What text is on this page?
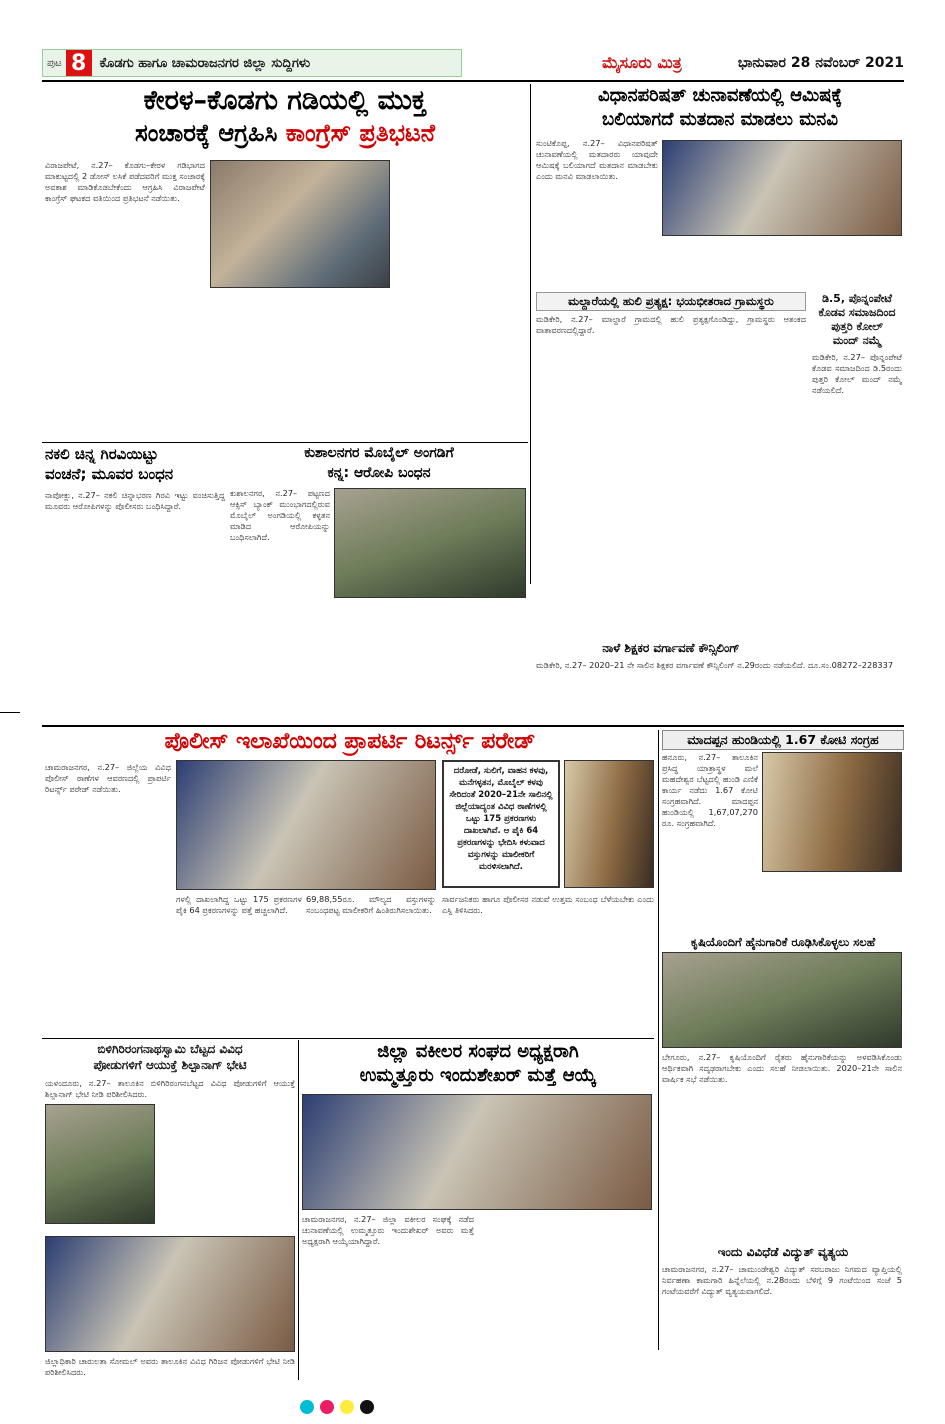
ಪುಟ 8	ಕೊಡಗು ಹಾಗೂ ಚಾಮರಾಜನಗರ ಜಿಲ್ಲಾ ಸುದ್ದಿಗಳು	ಮೈಸೂರು ಮಿತ್ರ	ಭಾನುವಾರ 28 ನವೆಂಬರ್ 2021
ಕೇರಳ–ಕೊಡಗು ಗಡಿಯಲ್ಲಿ ಮುಕ್ತ
ಸಂಚಾರಕ್ಕೆ ಆಗ್ರಹಿಸಿ ಕಾಂಗ್ರೆಸ್ ಪ್ರತಿಭಟನೆ
ವಿರಾಜಪೇಟೆ, ನ.27– ಕೊಡಗು–ಕೇರಳ ಗಡಿಭಾಗದ ಮಾಕುಟ್ಟದಲ್ಲಿ 2 ಡೋಸ್ ಲಸಿಕೆ ಪಡೆದವರಿಗೆ ಮುಕ್ತ ಸಂಚಾರಕ್ಕೆ ಅವಕಾಶ ಮಾಡಿಕೊಡಬೇಕೆಂದು ಆಗ್ರಹಿಸಿ ವಿರಾಜಪೇಟೆ ಕಾಂಗ್ರೆಸ್ ಘಟಕದ ವತಿಯಿಂದ ಪ್ರತಿಭಟನೆ ನಡೆಯಿತು.
ವಿಧಾನಪರಿಷತ್ ಚುನಾವಣೆಯಲ್ಲಿ ಆಮಿಷಕ್ಕೆ
ಬಲಿಯಾಗದೆ ಮತದಾನ ಮಾಡಲು ಮನವಿ
ಸುಂಟಿಕೊಪ್ಪ, ನ.27– ವಿಧಾನಪರಿಷತ್ ಚುನಾವಣೆಯಲ್ಲಿ ಮತದಾರರು ಯಾವುದೇ ಆಮಿಷಕ್ಕೆ ಬಲಿಯಾಗದೆ ಮತದಾನ ಮಾಡಬೇಕು ಎಂದು ಮನವಿ ಮಾಡಲಾಯಿತು.
ಮಲ್ದಾರೆಯಲ್ಲಿ ಹುಲಿ ಪ್ರತ್ಯಕ್ಷ: ಭಯಭೀತರಾದ ಗ್ರಾಮಸ್ಥರು
ಮಡಿಕೇರಿ, ನ.27– ಮಾಲ್ದಾರೆ ಗ್ರಾಮದಲ್ಲಿ ಹುಲಿ ಪ್ರತ್ಯಕ್ಷಗೊಂಡಿದ್ದು, ಗ್ರಾಮಸ್ಥರು ಆತಂಕದ ವಾತಾವರಣದಲ್ಲಿದ್ದಾರೆ.
ಡಿ.5, ಪೊನ್ನಂಪೇಟೆ
ಕೊಡವ ಸಮಾಜದಿಂದ
ಪುತ್ತರಿ ಕೋಲ್
ಮಂದ್ ನಮ್ಮೆ
ಮಡಿಕೇರಿ, ನ.27– ಪೊನ್ನಂಪೇಟೆ ಕೊಡವ ಸಮಾಜದಿಂದ ಡಿ.5ರಂದು ಪುತ್ತರಿ ಕೋಲ್ ಮಂದ್ ನಮ್ಮೆ ನಡೆಯಲಿದೆ.
ನಕಲಿ ಚಿನ್ನ ಗಿರವಿಯಿಟ್ಟು
ವಂಚನೆ; ಮೂವರ ಬಂಧನ
ನಾಪೋಕ್ಲು, ನ.27– ನಕಲಿ ಚಿನ್ನಾಭರಣ ಗಿರವಿ ಇಟ್ಟು ವಂಚಿಸುತ್ತಿದ್ದ ಮೂವರು ಆರೋಪಿಗಳನ್ನು ಪೊಲೀಸರು ಬಂಧಿಸಿದ್ದಾರೆ.
ಕುಶಾಲನಗರ ಮೊಬೈಲ್ ಅಂಗಡಿಗೆ
ಕನ್ನ: ಆರೋಪಿ ಬಂಧನ
ಕುಶಾಲನಗರ, ನ.27– ಪಟ್ಟಣದ ಆಕ್ಸಿಸ್ ಬ್ಯಾಂಕ್ ಮುಂಭಾಗದಲ್ಲಿರುವ ಮೊಬೈಲ್ ಅಂಗಡಿಯಲ್ಲಿ ಕಳ್ಳತನ ಮಾಡಿದ ಆರೋಪಿಯನ್ನು ಬಂಧಿಸಲಾಗಿದೆ.
ನಾಳೆ ಶಿಕ್ಷಕರ ವರ್ಗಾವಣೆ ಕೌನ್ಸಿಲಿಂಗ್
ಮಡಿಕೇರಿ, ನ.27– 2020–21 ನೇ ಸಾಲಿನ ಶಿಕ್ಷಕರ ವರ್ಗಾವಣೆ ಕೌನ್ಸಿಲಿಂಗ್ ನ.29ರಂದು ನಡೆಯಲಿದೆ. ದೂ.ಸಂ.08272–228337
ಪೊಲೀಸ್ ಇಲಾಖೆಯಿಂದ ಪ್ರಾಪರ್ಟಿ ರಿಟರ್ನ್ಸ್ ಪರೇಡ್
ಚಾಮರಾಜನಗರ, ನ.27– ಜಿಲ್ಲೆಯ ವಿವಿಧ ಪೊಲೀಸ್ ಠಾಣೆಗಳ ಆವರಣದಲ್ಲಿ ಪ್ರಾಪರ್ಟಿ ರಿಟರ್ನ್ಸ್ ಪರೇಡ್ ನಡೆಯಿತು.
ಗಳಲ್ಲಿ ದಾಖಲಾಗಿದ್ದ ಒಟ್ಟು 175 ಪ್ರಕರಣಗಳ ಪೈಕಿ 64 ಪ್ರಕರಣಗಳನ್ನು ಪತ್ತೆ ಹಚ್ಚಲಾಗಿದೆ.
69,88,55ರೂ. ಮೌಲ್ಯದ ವಸ್ತುಗಳನ್ನು ಸಂಬಂಧಪಟ್ಟ ಮಾಲೀಕರಿಗೆ ಹಿಂತಿರುಗಿಸಲಾಯಿತು.
ದರೋಡೆ, ಸುಲಿಗೆ, ವಾಹನ ಕಳವು, ಮನೆಗಳ್ಳತನ, ಮೊಬೈಲ್ ಕಳವು ಸೇರಿದಂತೆ 2020–21ನೇ ಸಾಲಿನಲ್ಲಿ ಜಿಲ್ಲೆಯಾದ್ಯಂತ ವಿವಿಧ ಠಾಣೆಗಳಲ್ಲಿ ಒಟ್ಟು 175 ಪ್ರಕರಣಗಳು ದಾಖಲಾಗಿವೆ. ಆ ಪೈಕಿ 64 ಪ್ರಕರಣಗಳನ್ನು ಭೇದಿಸಿ ಕಳುವಾದ ವಸ್ತುಗಳನ್ನು ಮಾಲೀಕರಿಗೆ ಮರಳಿಸಲಾಗಿದೆ.
ಸಾರ್ವಜನಿಕರು ಹಾಗೂ ಪೊಲೀಸರ ನಡುವೆ ಉತ್ತಮ ಸಂಬಂಧ ಬೆಳೆಯಬೇಕು ಎಂದು ಎಸ್ಪಿ ತಿಳಿಸಿದರು.
ಮಾದಪ್ಪನ ಹುಂಡಿಯಲ್ಲಿ 1.67 ಕೋಟಿ ಸಂಗ್ರಹ
ಹನೂರು, ನ.27– ತಾಲೂಕಿನ ಪ್ರಸಿದ್ಧ ಯಾತ್ರಾಸ್ಥಳ ಮಲೆ ಮಹದೇಶ್ವರ ಬೆಟ್ಟದಲ್ಲಿ ಹುಂಡಿ ಎಣಿಕೆ ಕಾರ್ಯ ನಡೆದು 1.67 ಕೋಟಿ ಸಂಗ್ರಹವಾಗಿದೆ. ಮಾದಪ್ಪನ ಹುಂಡಿಯಲ್ಲಿ 1,67,07,270 ರೂ. ಸಂಗ್ರಹವಾಗಿದೆ.
ಕೃಷಿಯೊಂದಿಗೆ ಹೈನುಗಾರಿಕೆ ರೂಢಿಸಿಕೊಳ್ಳಲು ಸಲಹೆ
ಬೇಗೂರು, ನ.27– ಕೃಷಿಯೊಂದಿಗೆ ರೈತರು ಹೈನುಗಾರಿಕೆಯನ್ನು ಅಳವಡಿಸಿಕೊಂಡು ಆರ್ಥಿಕವಾಗಿ ಸದೃಢರಾಗಬೇಕು ಎಂದು ಸಲಹೆ ನೀಡಲಾಯಿತು. 2020–21ನೇ ಸಾಲಿನ ವಾರ್ಷಿಕ ಸಭೆ ನಡೆಯಿತು.
ಇಂದು ವಿವಿಧೆಡೆ ವಿದ್ಯುತ್ ವ್ಯತ್ಯಯ
ಚಾಮರಾಜನಗರ, ನ.27– ಚಾಮುಂಡೇಶ್ವರಿ ವಿದ್ಯುತ್ ಸರಬರಾಜು ನಿಗಮದ ವ್ಯಾಪ್ತಿಯಲ್ಲಿ ನಿರ್ವಹಣಾ ಕಾಮಗಾರಿ ಹಿನ್ನೆಲೆಯಲ್ಲಿ ನ.28ರಂದು ಬೆಳಿಗ್ಗೆ 9 ಗಂಟೆಯಿಂದ ಸಂಜೆ 5 ಗಂಟೆಯವರೆಗೆ ವಿದ್ಯುತ್ ವ್ಯತ್ಯಯವಾಗಲಿದೆ.
ಬಿಳಿಗಿರಿರಂಗನಾಥಸ್ವಾಮಿ ಬೆಟ್ಟದ ವಿವಿಧ
ಪೋಡುಗಳಿಗೆ ಆಯುಕ್ತೆ ಶಿಲ್ಪಾನಾಗ್ ಭೇಟಿ
ಯಳಂದೂರು, ನ.27– ತಾಲೂಕಿನ ಬಿಳಿಗಿರಿರಂಗನಬೆಟ್ಟದ ವಿವಿಧ ಪೋಡುಗಳಿಗೆ ಆಯುಕ್ತೆ ಶಿಲ್ಪಾನಾಗ್ ಭೇಟಿ ನೀಡಿ ಪರಿಶೀಲಿಸಿದರು.
ಜಿಲ್ಲಾಧಿಕಾರಿ ಚಾರುಲತಾ ಸೋಮಲ್ ಅವರು ತಾಲೂಕಿನ ವಿವಿಧ ಗಿರಿಜನ ಪೋಡುಗಳಿಗೆ ಭೇಟಿ ನೀಡಿ ಪರಿಶೀಲಿಸಿದರು.
ಜಿಲ್ಲಾ ವಕೀಲರ ಸಂಘದ ಅಧ್ಯಕ್ಷರಾಗಿ
ಉಮ್ಮತ್ತೂರು ಇಂದುಶೇಖರ್ ಮತ್ತೆ ಆಯ್ಕೆ
ಚಾಮರಾಜನಗರ, ನ.27– ಜಿಲ್ಲಾ ವಕೀಲರ ಸಂಘಕ್ಕೆ ನಡೆದ ಚುನಾವಣೆಯಲ್ಲಿ ಉಮ್ಮತ್ತೂರು ಇಂದುಶೇಖರ್ ಅವರು ಮತ್ತೆ ಅಧ್ಯಕ್ಷರಾಗಿ ಆಯ್ಕೆಯಾಗಿದ್ದಾರೆ.
